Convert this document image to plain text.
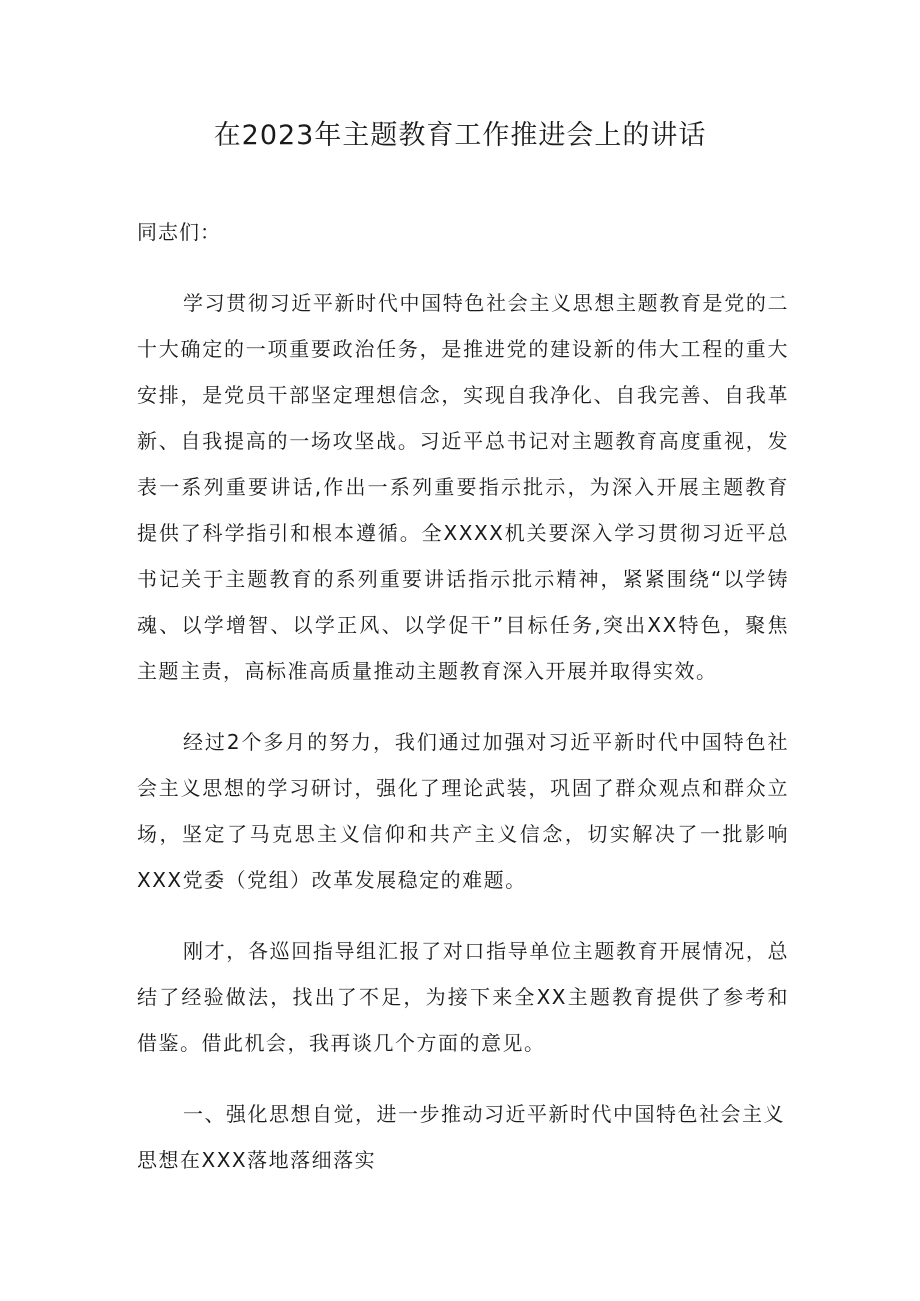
在2023年主题教育工作推进会上的讲话

同志们：

学习贯彻习近平新时代中国特色社会主义思想主题教育是党的二十大确定的一项重要政治任务，是推进党的建设新的伟大工程的重大安排，是党员干部坚定理想信念，实现自我净化、自我完善、自我革新、自我提高的一场攻坚战。习近平总书记对主题教育高度重视，发表一系列重要讲话,作出一系列重要指示批示，为深入开展主题教育提供了科学指引和根本遵循。全XXXX机关要深入学习贯彻习近平总书记关于主题教育的系列重要讲话指示批示精神，紧紧围绕“以学铸魂、以学增智、以学正风、以学促干”目标任务,突出XX特色，聚焦主题主责，高标准高质量推动主题教育深入开展并取得实效。

经过2个多月的努力，我们通过加强对习近平新时代中国特色社会主义思想的学习研讨，强化了理论武装，巩固了群众观点和群众立场，坚定了马克思主义信仰和共产主义信念，切实解决了一批影响XXX党委（党组）改革发展稳定的难题。

刚才，各巡回指导组汇报了对口指导单位主题教育开展情况，总结了经验做法，找出了不足，为接下来全XX主题教育提供了参考和借鉴。借此机会，我再谈几个方面的意见。

一、强化思想自觉，进一步推动习近平新时代中国特色社会主义思想在XXX落地落细落实
